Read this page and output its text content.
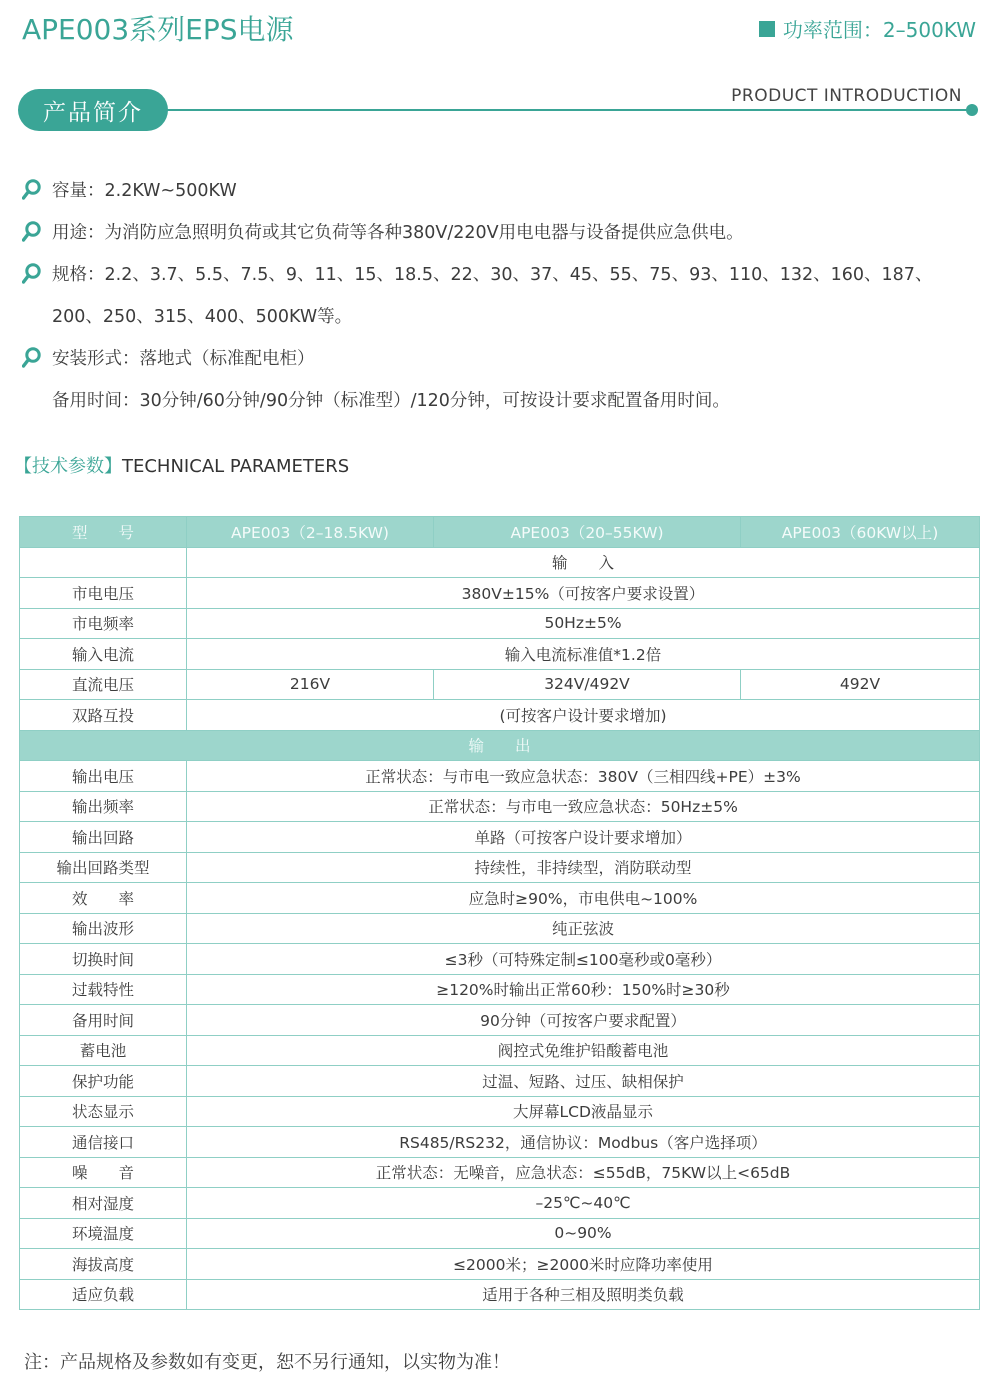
APE003系列EPS电源	功率范围：2–500KW
产品简介
PRODUCT INTRODUCTION
容量： 2.2KW~500KW
用途： 为消防应急照明负荷或其它负荷等各种380V/220V用电电器与设备提供应急供电。
规格： 2.2、3.7、5.5、7.5、9、11、15、18.5、22、30、37、45、55、75、93、110、132、160、187、
200、250、315、400、500KW等。
安装形式： 落地式（标准配电柜）
备用时间： 30分钟/60分钟/90分钟（标准型）/120分钟，可按设计要求配置备用时间。
【技术参数】TECHNICAL PARAMETERS
型　　号	APE003（2–18.5KW)	APE003（20–55KW)	APE003（60KW以上)
	输　　入		
市电电压	380V±15%（可按客户要求设置）		
市电频率	50Hz±5%		
输入电流	输入电流标准值*1.2倍		
直流电压	216V	324V/492V	492V
双路互投	(可按客户设计要求增加)		
输　　出			
输出电压	正常状态：与市电一致应急状态：380V（三相四线+PE）±3%		
输出频率	正常状态：与市电一致应急状态：50Hz±5%		
输出回路	单路（可按客户设计要求增加）		
输出回路类型	持续性，非持续型，消防联动型		
效　　率	应急时≥90%，市电供电~100%		
输出波形	纯正弦波		
切换时间	≤3秒（可特殊定制≤100毫秒或0毫秒）		
过载特性	≥120%时输出正常60秒：150%时≥30秒		
备用时间	90分钟（可按客户要求配置）		
蓄电池	阀控式免维护铅酸蓄电池		
保护功能	过温、短路、过压、缺相保护		
状态显示	大屏幕LCD液晶显示		
通信接口	RS485/RS232，通信协议：Modbus（客户选择项）		
噪　　音	正常状态：无噪音，应急状态：≤55dB，75KW以上<65dB		
相对湿度	–25℃~40℃		
环境温度	0~90%		
海拔高度	≤2000米；≥2000米时应降功率使用		
适应负载	适用于各种三相及照明类负载		
注：产品规格及参数如有变更，恕不另行通知，以实物为准！
